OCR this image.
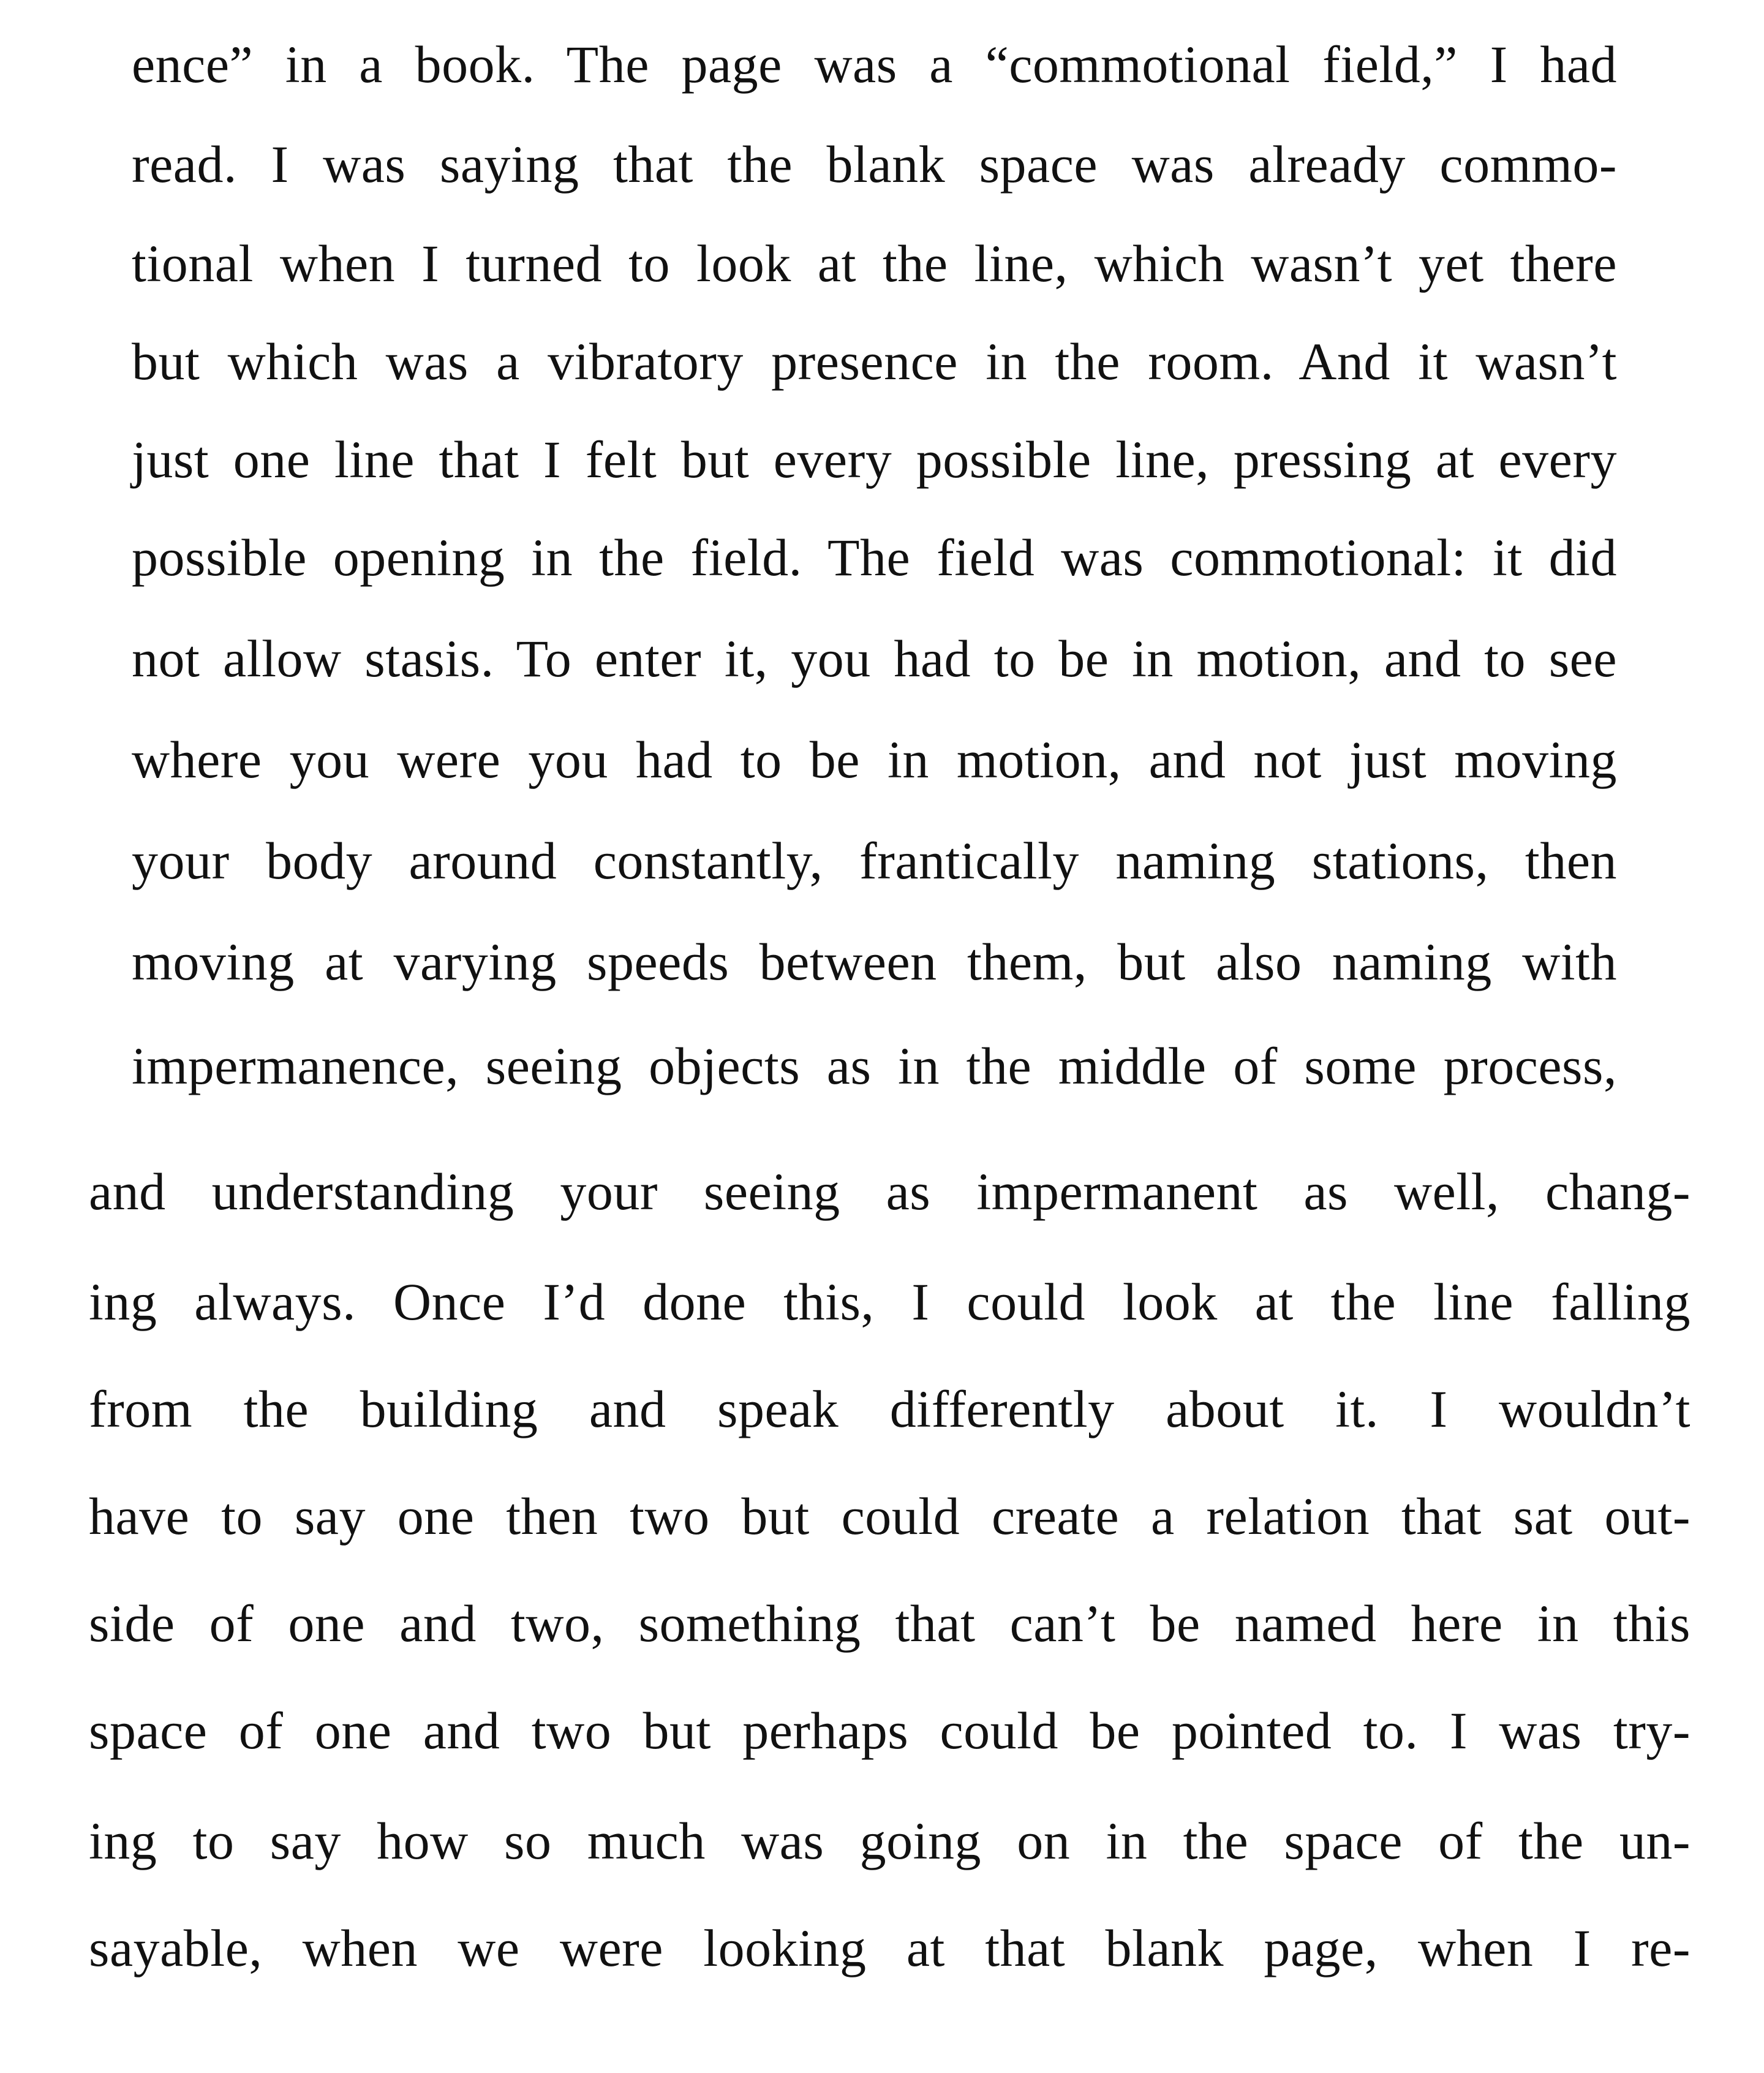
ence” in a book. The page was a “commotional field,” I had
read. I was saying that the blank space was already commo-
tional when I turned to look at the line, which wasn’t yet there
but which was a vibratory presence in the room. And it wasn’t
just one line that I felt but every possible line, pressing at every
possible opening in the field. The field was commotional: it did
not allow stasis. To enter it, you had to be in motion, and to see
where you were you had to be in motion, and not just moving
your body around constantly, frantically naming stations, then
moving at varying speeds between them, but also naming with
impermanence, seeing objects as in the middle of some process,
and understanding your seeing as impermanent as well, chang-
ing always. Once I’d done this, I could look at the line falling
from the building and speak differently about it. I wouldn’t
have to say one then two but could create a relation that sat out-
side of one and two, something that can’t be named here in this
space of one and two but perhaps could be pointed to. I was try-
ing to say how so much was going on in the space of the un-
sayable, when we were looking at that blank page, when I re-
